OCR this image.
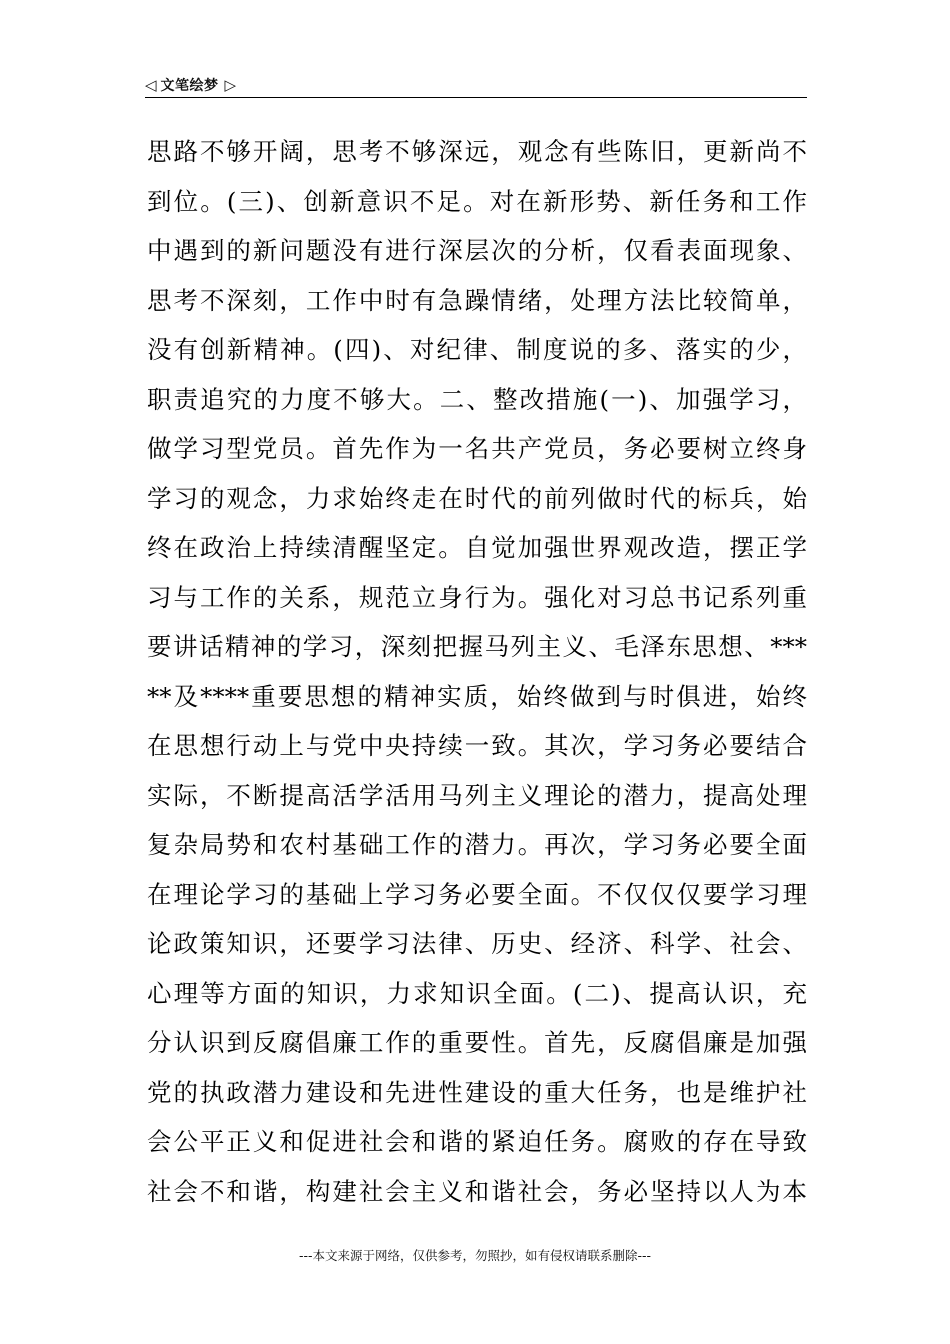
◁ 文笔绘梦 ▷
思路不够开阔，思考不够深远，观念有些陈旧，更新尚不
到位。(三)、创新意识不足。对在新形势、新任务和工作
中遇到的新问题没有进行深层次的分析，仅看表面现象、
思考不深刻，工作中时有急躁情绪，处理方法比较简单，
没有创新精神。(四)、对纪律、制度说的多、落实的少，
职责追究的力度不够大。二、整改措施(一)、加强学习，
做学习型党员。首先作为一名共产党员，务必要树立终身
学习的观念，力求始终走在时代的前列做时代的标兵，始
终在政治上持续清醒坚定。自觉加强世界观改造，摆正学
习与工作的关系，规范立身行为。强化对习总书记系列重
要讲话精神的学习，深刻把握马列主义、毛泽东思想、***
**及****重要思想的精神实质，始终做到与时俱进，始终
在思想行动上与党中央持续一致。其次，学习务必要结合
实际，不断提高活学活用马列主义理论的潜力，提高处理
复杂局势和农村基础工作的潜力。再次，学习务必要全面
在理论学习的基础上学习务必要全面。不仅仅仅要学习理
论政策知识，还要学习法律、历史、经济、科学、社会、
心理等方面的知识，力求知识全面。(二)、提高认识，充
分认识到反腐倡廉工作的重要性。首先，反腐倡廉是加强
党的执政潜力建设和先进性建设的重大任务，也是维护社
会公平正义和促进社会和谐的紧迫任务。腐败的存在导致
社会不和谐，构建社会主义和谐社会，务必坚持以人为本
---本文来源于网络，仅供参考，勿照抄，如有侵权请联系删除---
